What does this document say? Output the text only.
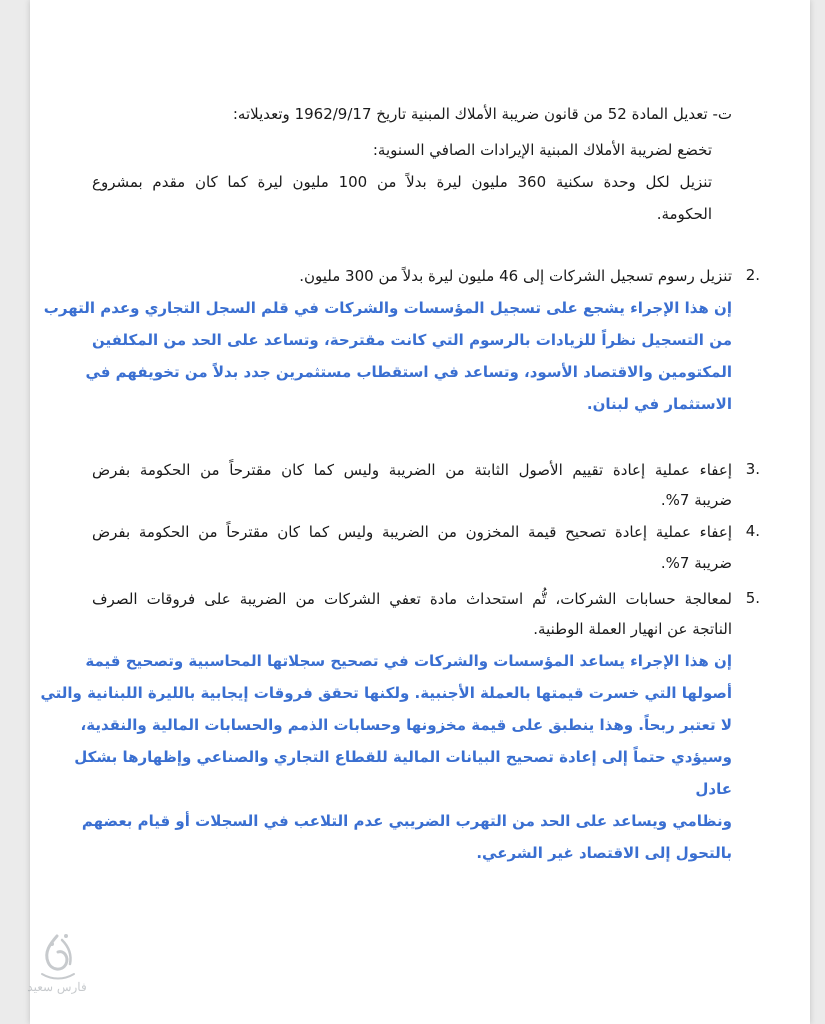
ت- تعديل المادة 52 من قانون ضريبة الأملاك المبنية تاريخ 1962/9/17 وتعديلاته:
تخضع لضريبة الأملاك المبنية الإيرادات الصافي السنوية:
تنزيل لكل وحدة سكنية 360 مليون ليرة بدلاً من 100 مليون ليرة كما كان مقدم بمشروع
الحكومة.
تنزيل رسوم تسجيل الشركات إلى 46 مليون ليرة بدلاً من 300 مليون. 2.
إن هذا الإجراء يشجع على تسجيل المؤسسات والشركات في قلم السجل التجاري وعدم التهرب
من التسجيل نظراً للزيادات بالرسوم التي كانت مقترحة، وتساعد على الحد من المكلفين
المكتومين والاقتصاد الأسود، وتساعد في استقطاب مستثمرين جدد بدلاً من تخويفهم في
الاستثمار في لبنان.
إعفاء عملية إعادة تقييم الأصول الثابتة من الضريبة وليس كما كان مقترحاً من الحكومة بفرض 3.
ضريبة 7%.
إعفاء عملية إعادة تصحيح قيمة المخزون من الضريبة وليس كما كان مقترحاً من الحكومة بفرض 4.
ضريبة 7%.
لمعالجة حسابات الشركات، تُّم استحداث مادة تعفي الشركات من الضريبة على فروقات الصرف 5.
الناتجة عن انهيار العملة الوطنية.
إن هذا الإجراء يساعد المؤسسات والشركات في تصحيح سجلاتها المحاسبية وتصحيح قيمة
أصولها التي خسرت قيمتها بالعملة الأجنبية. ولكنها تحقق فروقات إيجابية بالليرة اللبنانية والتي
لا تعتبر ربحاً. وهذا ينطبق على قيمة مخزونها وحسابات الذمم والحسابات المالية والنقدية،
وسيؤدي حتماً إلى إعادة تصحيح البيانات المالية للقطاع التجاري والصناعي وإظهارها بشكل
عادل
ونظامي ويساعد على الحد من التهرب الضريبي عدم التلاعب في السجلات أو قيام بعضهم
بالتحول إلى الاقتصاد غير الشرعي.
فارس سعيد
